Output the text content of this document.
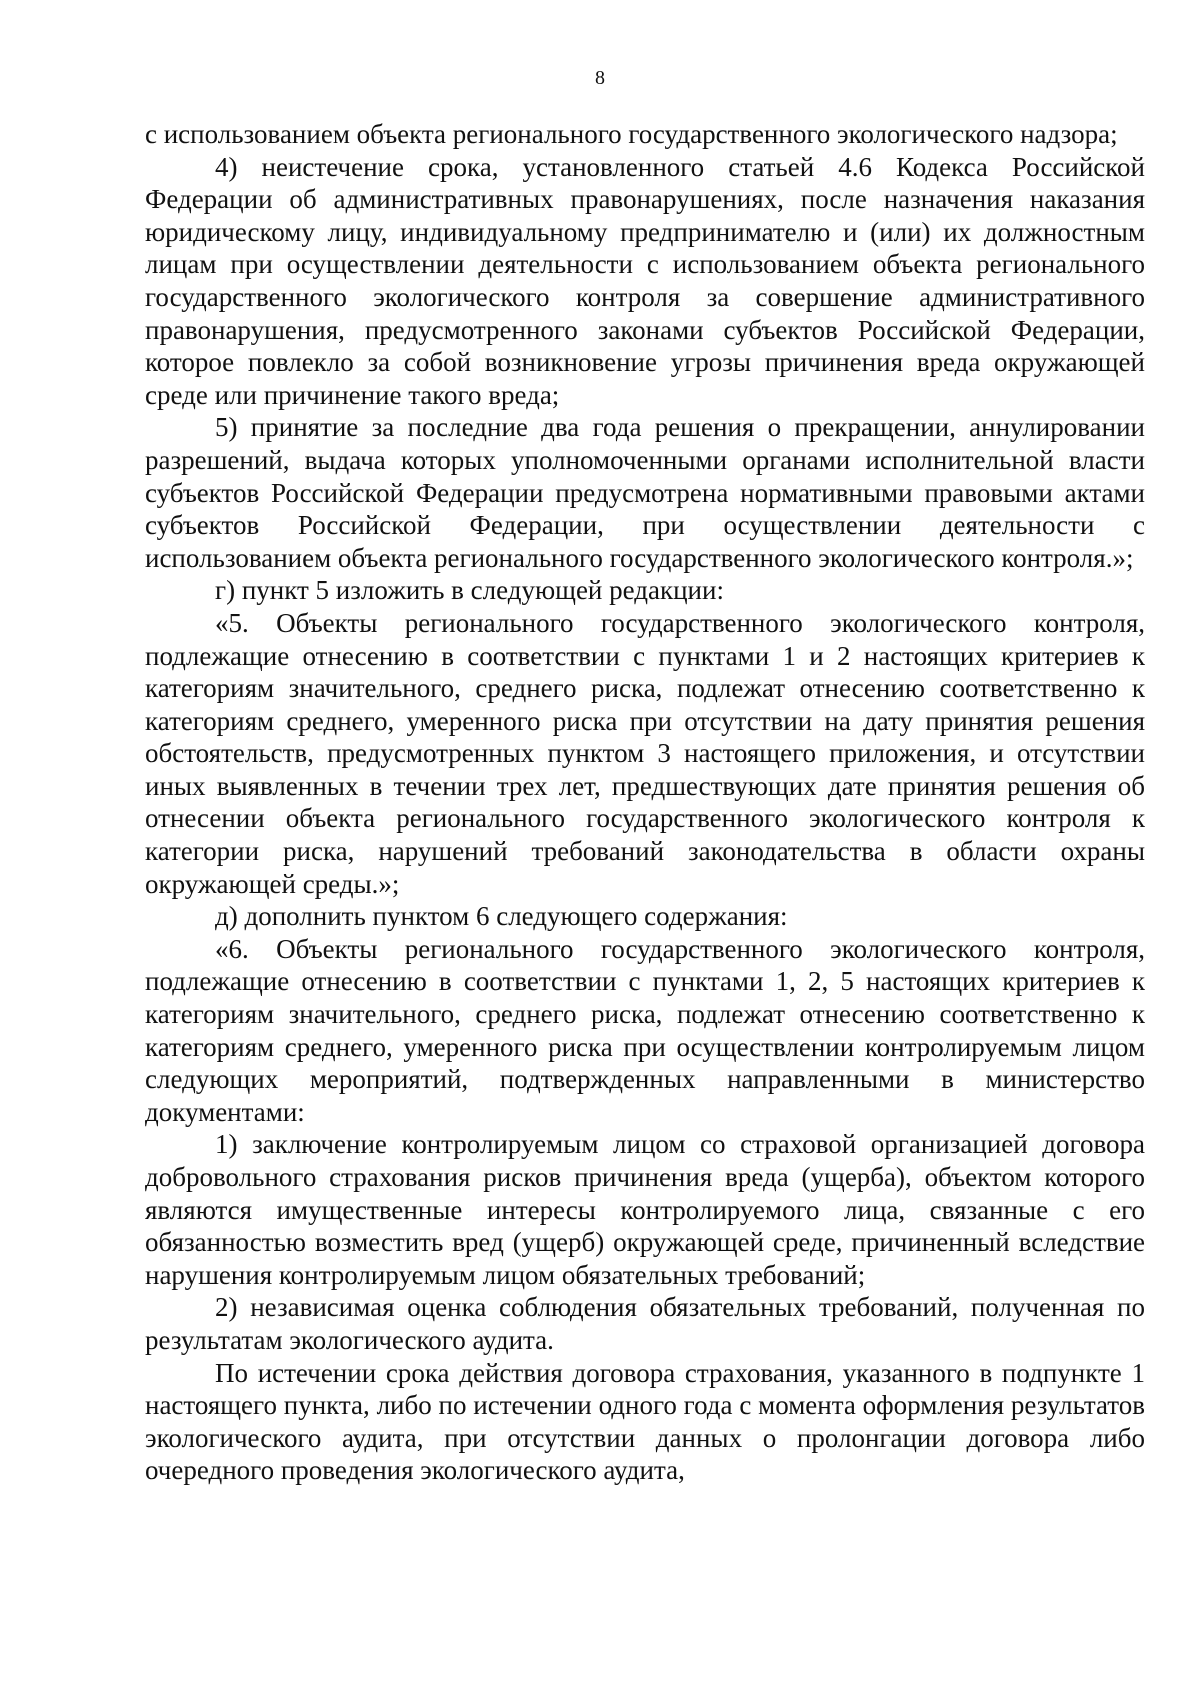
8

с использованием объекта регионального государственного экологического надзора;

4) неистечение срока, установленного статьей 4.6 Кодекса Российской Федерации об административных правонарушениях, после назначения наказания юридическому лицу, индивидуальному предпринимателю и (или) их должностным лицам при осуществлении деятельности с использованием объекта регионального государственного экологического контроля за совершение административного правонарушения, предусмотренного законами субъектов Российской Федерации, которое повлекло за собой возникновение угрозы причинения вреда окружающей среде или причинение такого вреда;

5) принятие за последние два года решения о прекращении, аннулировании разрешений, выдача которых уполномоченными органами исполнительной власти субъектов Российской Федерации предусмотрена нормативными правовыми актами субъектов Российской Федерации, при осуществлении деятельности с использованием объекта регионального государственного экологического контроля.»;

г) пункт 5 изложить в следующей редакции:

«5. Объекты регионального государственного экологического контроля, подлежащие отнесению в соответствии с пунктами 1 и 2 настоящих критериев к категориям значительного, среднего риска, подлежат отнесению соответственно к категориям среднего, умеренного риска при отсутствии на дату принятия решения обстоятельств, предусмотренных пунктом 3 настоящего приложения, и отсутствии иных выявленных в течении трех лет, предшествующих дате принятия решения об отнесении объекта регионального государственного экологического контроля к категории риска, нарушений требований законодательства в области охраны окружающей среды.»;

д) дополнить пунктом 6 следующего содержания:

«6. Объекты регионального государственного экологического контроля, подлежащие отнесению в соответствии с пунктами 1, 2, 5 настоящих критериев к категориям значительного, среднего риска, подлежат отнесению соответственно к категориям среднего, умеренного риска при осуществлении контролируемым лицом следующих мероприятий, подтвержденных направленными в министерство документами:

1) заключение контролируемым лицом со страховой организацией договора добровольного страхования рисков причинения вреда (ущерба), объектом которого являются имущественные интересы контролируемого лица, связанные с его обязанностью возместить вред (ущерб) окружающей среде, причиненный вследствие нарушения контролируемым лицом обязательных требований;

2) независимая оценка соблюдения обязательных требований, полученная по результатам экологического аудита.

По истечении срока действия договора страхования, указанного в подпункте 1 настоящего пункта, либо по истечении одного года с момента оформления результатов экологического аудита, при отсутствии данных о пролонгации договора либо очередного проведения экологического аудита,
